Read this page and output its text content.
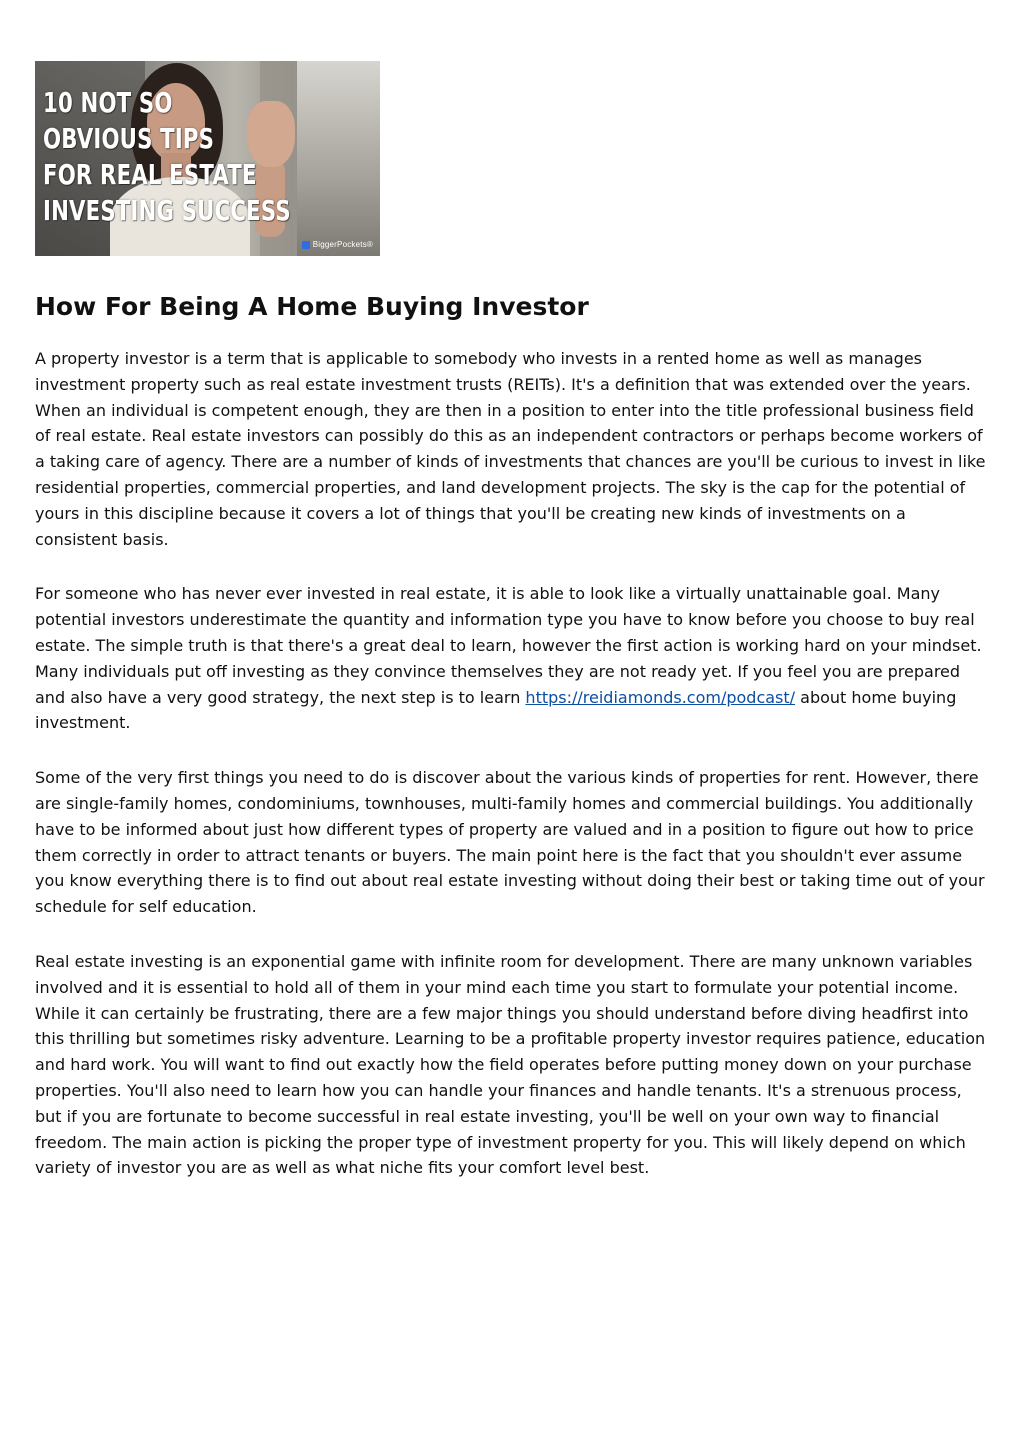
10 NOT SO
OBVIOUS TIPS
FOR REAL ESTATE
INVESTING SUCCESS
BiggerPockets®
How For Being A Home Buying Investor

A property investor is a term that is applicable to somebody who invests in a rented home as well as manages investment property such as real estate investment trusts (REITs). It's a definition that was extended over the years. When an individual is competent enough, they are then in a position to enter into the title professional business field of real estate. Real estate investors can possibly do this as an independent contractors or perhaps become workers of a taking care of agency. There are a number of kinds of investments that chances are you'll be curious to invest in like residential properties, commercial properties, and land development projects. The sky is the cap for the potential of yours in this discipline because it covers a lot of things that you'll be creating new kinds of investments on a consistent basis.

For someone who has never ever invested in real estate, it is able to look like a virtually unattainable goal. Many potential investors underestimate the quantity and information type you have to know before you choose to buy real estate. The simple truth is that there's a great deal to learn, however the first action is working hard on your mindset. Many individuals put off investing as they convince themselves they are not ready yet. If you feel you are prepared and also have a very good strategy, the next step is to learn https://reidiamonds.com/podcast/ about home buying investment.

Some of the very first things you need to do is discover about the various kinds of properties for rent. However, there are single-family homes, condominiums, townhouses, multi-family homes and commercial buildings. You additionally have to be informed about just how different types of property are valued and in a position to figure out how to price them correctly in order to attract tenants or buyers. The main point here is the fact that you shouldn't ever assume you know everything there is to find out about real estate investing without doing their best or taking time out of your schedule for self education.

Real estate investing is an exponential game with infinite room for development. There are many unknown variables involved and it is essential to hold all of them in your mind each time you start to formulate your potential income. While it can certainly be frustrating, there are a few major things you should understand before diving headfirst into this thrilling but sometimes risky adventure. Learning to be a profitable property investor requires patience, education and hard work. You will want to find out exactly how the field operates before putting money down on your purchase properties. You'll also need to learn how you can handle your finances and handle tenants. It's a strenuous process, but if you are fortunate to become successful in real estate investing, you'll be well on your own way to financial freedom. The main action is picking the proper type of investment property for you. This will likely depend on which variety of investor you are as well as what niche fits your comfort level best.
